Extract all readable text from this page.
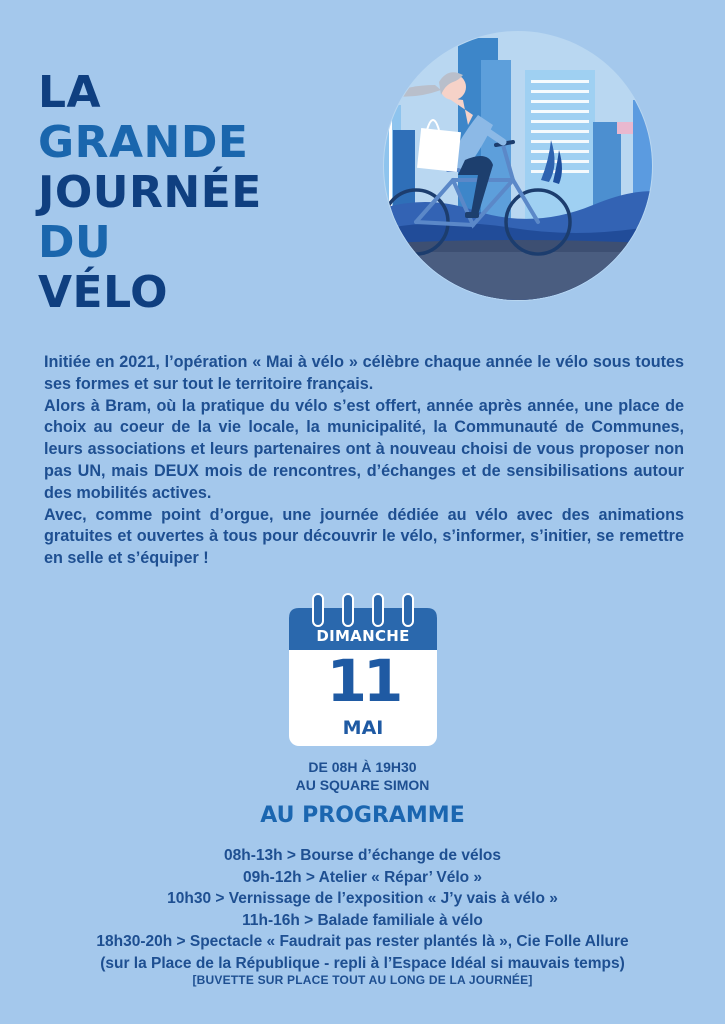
LA
GRANDE
JOURNÉE
DU
VÉLO

Initiée en 2021, l’opération « Mai à vélo » célèbre chaque année le vélo sous toutes ses formes et sur tout le territoire français.

Alors à Bram, où la pratique du vélo s’est offert, année après année, une place de choix au coeur de la vie locale, la municipalité, la Communauté de Communes, leurs associations et leurs partenaires ont à nouveau choisi de vous proposer non pas UN, mais DEUX mois de rencontres, d’échanges et de sensibilisations autour des mobilités actives.

Avec, comme point d’orgue, une journée dédiée au vélo avec des animations gratuites et ouvertes à tous pour découvrir le vélo, s’informer, s’initier, se remettre en selle et s’équiper !

DIMANCHE
11
MAI
DE 08H À 19H30
AU SQUARE SIMON
AU PROGRAMME
08h-13h > Bourse d’échange de vélos
09h-12h > Atelier « Répar’ Vélo »
10h30 > Vernissage de l’exposition « J’y vais à vélo »
11h-16h > Balade familiale à vélo
18h30-20h > Spectacle « Faudrait pas rester plantés là », Cie Folle Allure
(sur la Place de la République - repli à l’Espace Idéal si mauvais temps)
[BUVETTE SUR PLACE TOUT AU LONG DE LA JOURNÉE]
